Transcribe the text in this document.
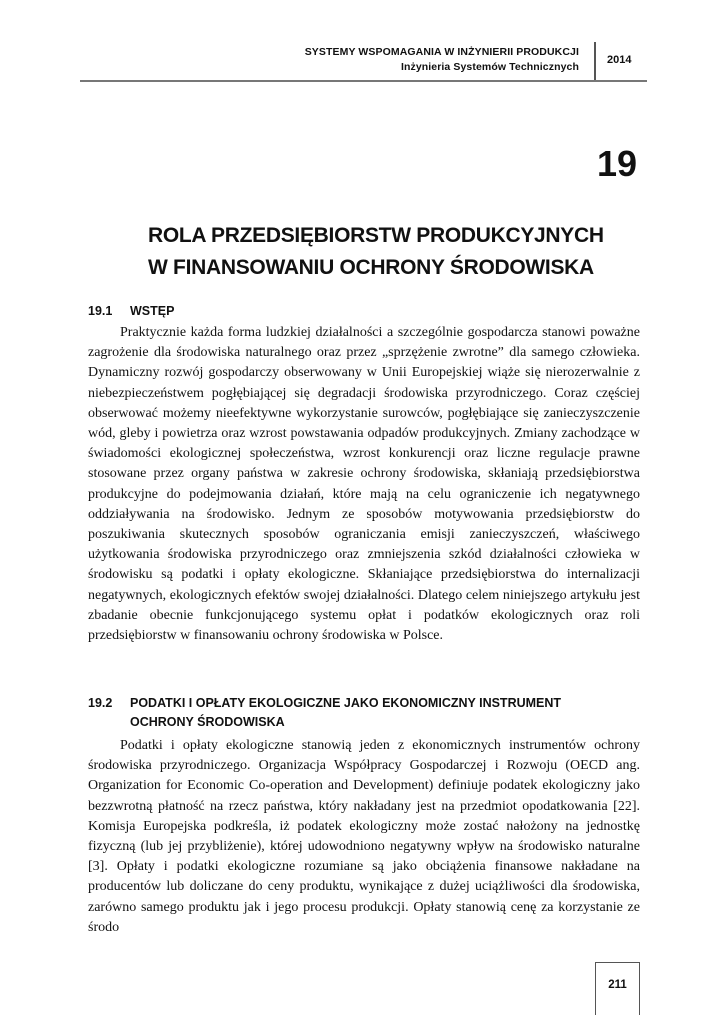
SYSTEMY WSPOMAGANIA W INŻYNIERII PRODUKCJI
Inżynieria Systemów Technicznych
2014
19
ROLA PRZEDSIĘBIORSTW PRODUKCYJNYCH
W FINANSOWANIU OCHRONY ŚRODOWISKA
19.1 WSTĘP

Praktycznie każda forma ludzkiej działalności a szczególnie gospodarcza stanowi poważne zagrożenie dla środowiska naturalnego oraz przez „sprzężenie zwrotne” dla samego człowieka. Dynamiczny rozwój gospodarczy obserwowany w Unii Europejskiej wiąże się nierozerwalnie z niebezpieczeństwem pogłębiającej się degradacji środowiska przyrodniczego. Coraz częściej obserwować możemy nieefektywne wykorzystanie surowców, pogłębiające się zanieczyszczenie wód, gleby i powietrza oraz wzrost powstawania odpadów produkcyjnych. Zmiany zachodzące w świadomości ekologicznej społeczeństwa, wzrost konkurencji oraz liczne regulacje prawne stosowane przez organy państwa w zakresie ochrony środowiska, skłaniają przedsiębiorstwa produkcyjne do podejmowania działań, które mają na celu ograniczenie ich negatywnego oddziaływania na środowisko. Jednym ze sposobów motywowania przedsiębiorstw do poszukiwania skutecznych sposobów ograniczania emisji zanieczyszczeń, właściwego użytkowania środowiska przyrodniczego oraz zmniejszenia szkód działalności człowieka w środowisku są podatki i opłaty ekologiczne. Skłaniające przedsiębiorstwa do internalizacji negatywnych, ekologicznych efektów swojej działalności. Dlatego celem niniejszego artykułu jest zbadanie obecnie funkcjonującego systemu opłat i podatków ekologicznych oraz roli przedsiębiorstw w finansowaniu ochrony środowiska w Polsce.

19.2 PODATKI I OPŁATY EKOLOGICZNE JAKO EKONOMICZNY INSTRUMENT
OCHRONY ŚRODOWISKA

Podatki i opłaty ekologiczne stanowią jeden z ekonomicznych instrumentów ochrony środowiska przyrodniczego. Organizacja Współpracy Gospodarczej i Rozwoju (OECD ang. Organization for Economic Co-operation and Development) definiuje podatek ekologiczny jako bezzwrotną płatność na rzecz państwa, który nakładany jest na przedmiot opodatkowania [22]. Komisja Europejska podkreśla, iż podatek ekologiczny może zostać nałożony na jednostkę fizyczną (lub jej przybliżenie), której udowodniono negatywny wpływ na środowisko naturalne [3]. Opłaty i podatki ekologiczne rozumiane są jako obciążenia finansowe nakładane na producentów lub doliczane do ceny produktu, wynikające z dużej uciążliwości dla środowiska, zarówno samego produktu jak i jego procesu produkcji. Opłaty stanowią cenę za korzystanie ze środo

211
